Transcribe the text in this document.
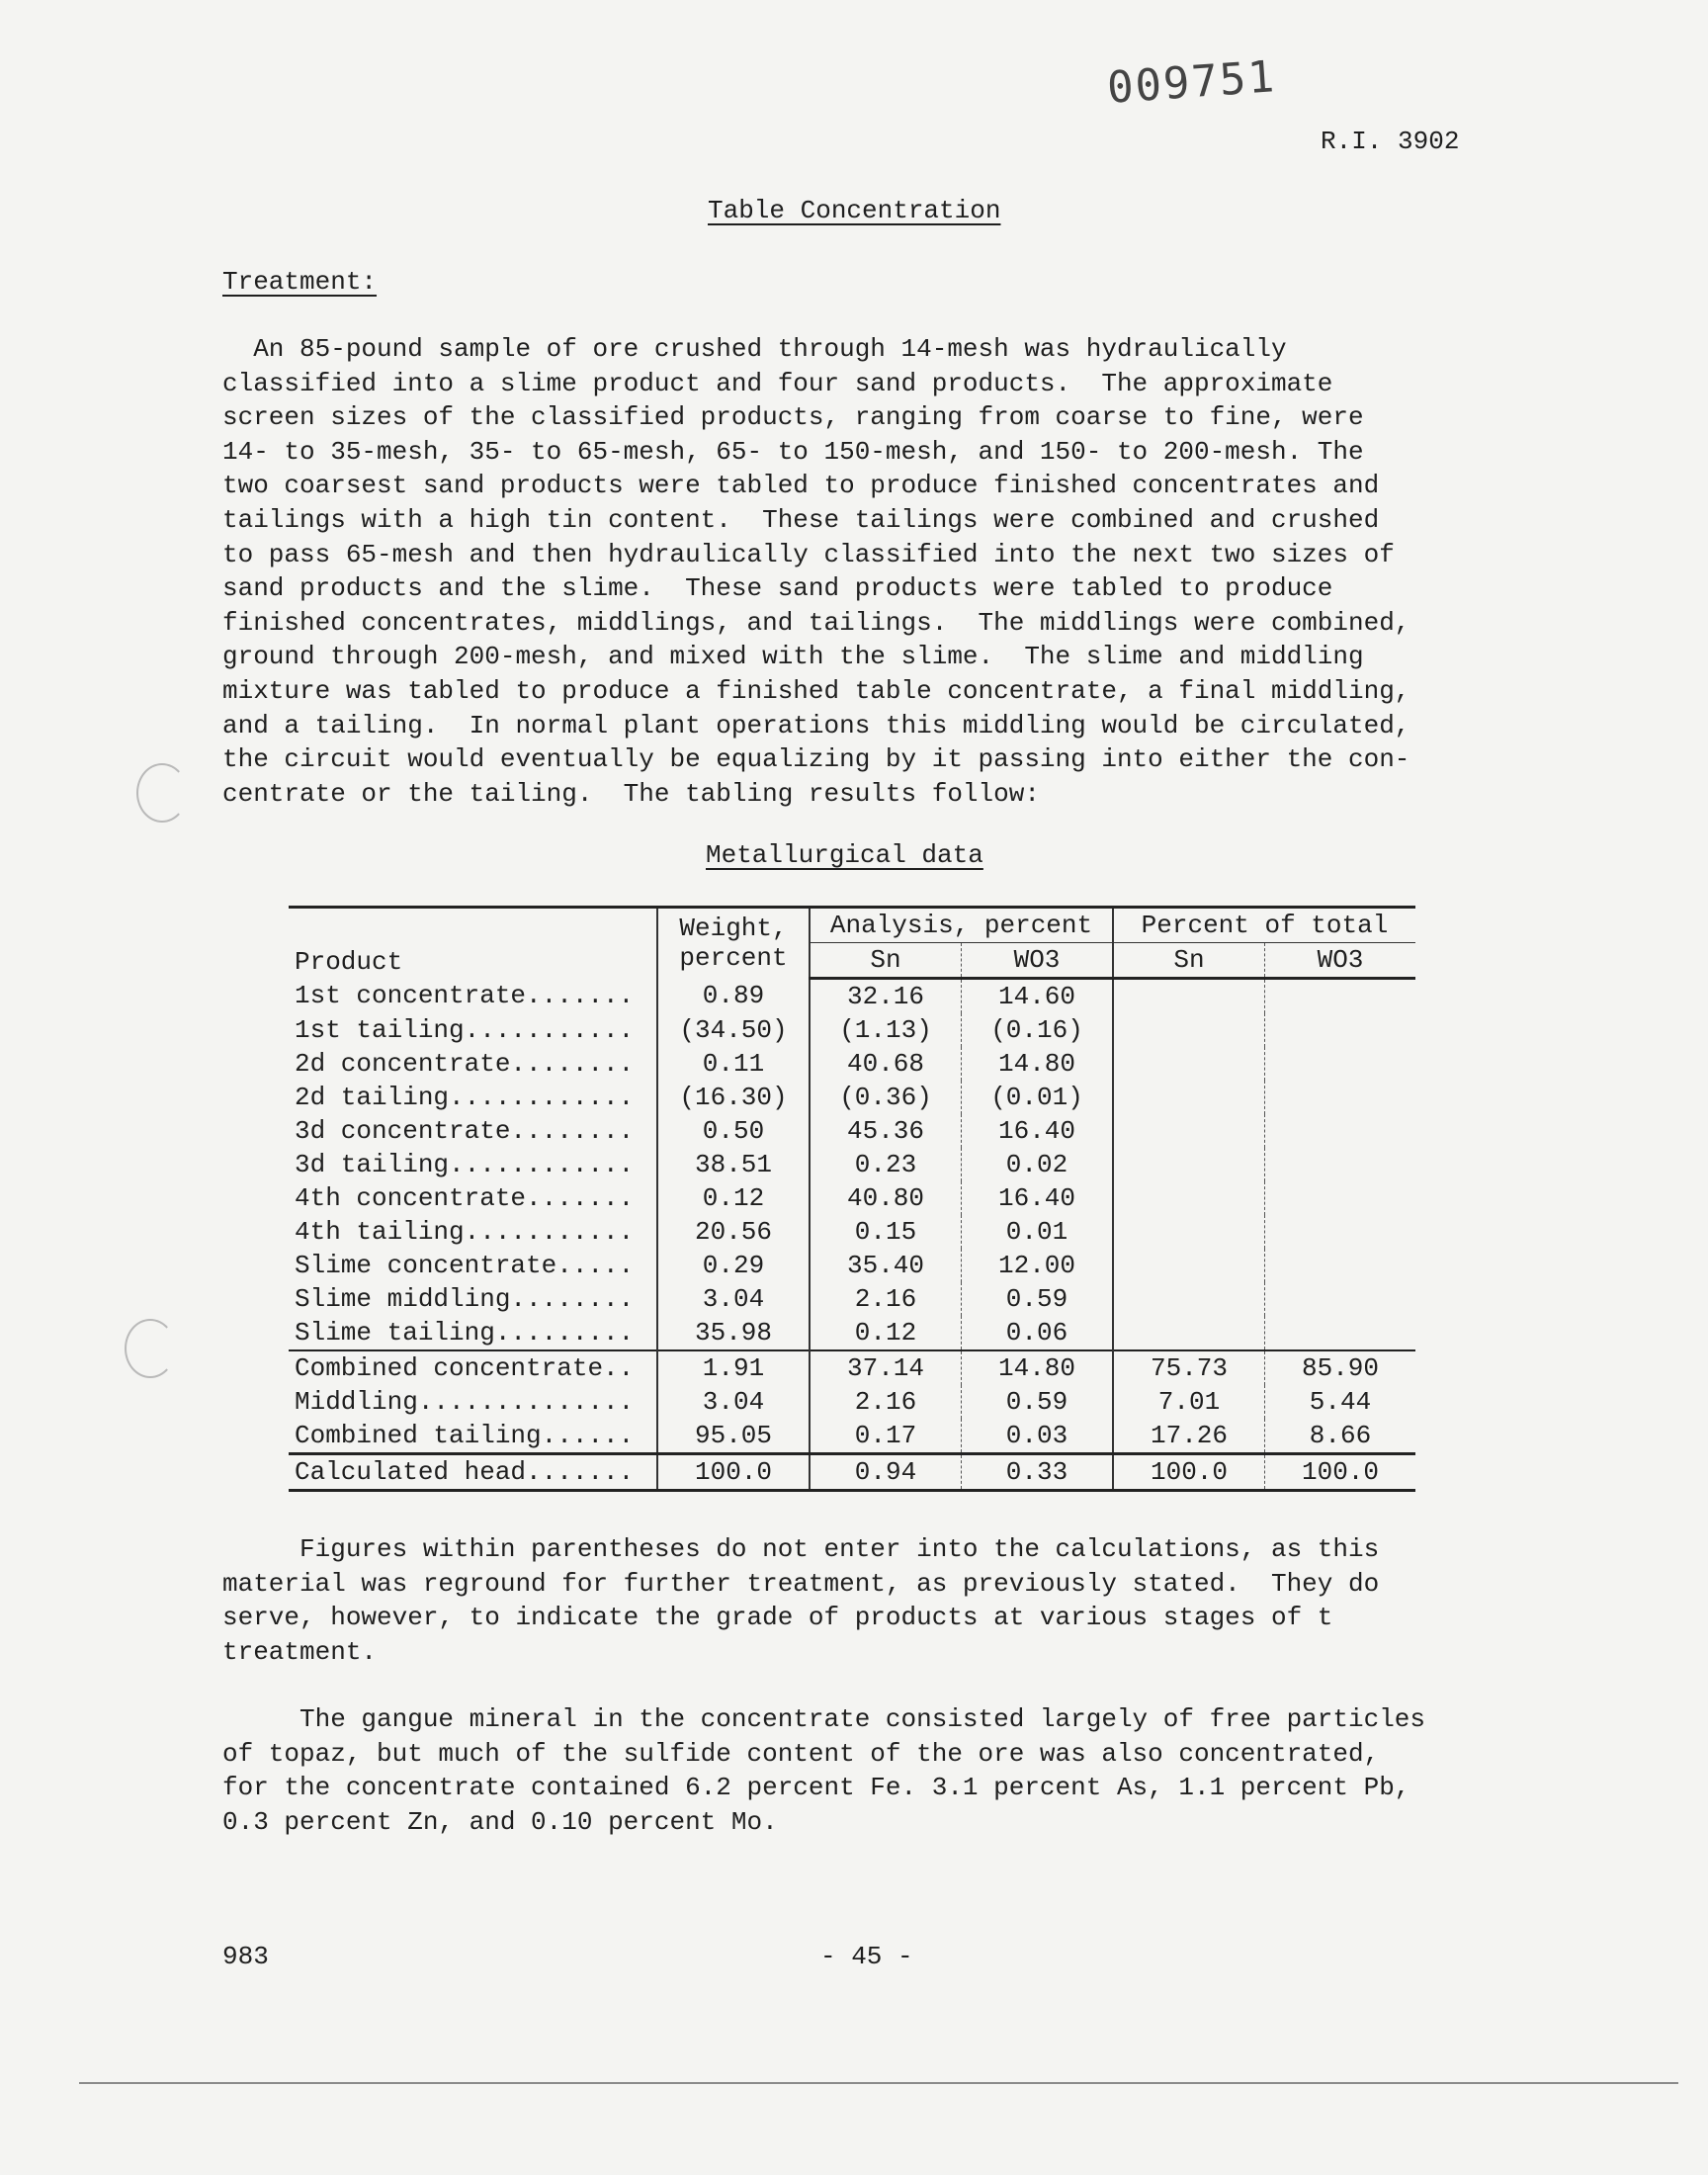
009751
R.I. 3902
Table Concentration
Treatment:

An 85-pound sample of ore crushed through 14-mesh was hydraulically
classified into a slime product and four sand products.  The approximate
screen sizes of the classified products, ranging from coarse to fine, were
14- to 35-mesh, 35- to 65-mesh, 65- to 150-mesh, and 150- to 200-mesh. The
two coarsest sand products were tabled to produce finished concentrates and
tailings with a high tin content.  These tailings were combined and crushed
to pass 65-mesh and then hydraulically classified into the next two sizes of
sand products and the slime.  These sand products were tabled to produce
finished concentrates, middlings, and tailings.  The middlings were combined,
ground through 200-mesh, and mixed with the slime.  The slime and middling
mixture was tabled to produce a finished table concentrate, a final middling,
and a tailing.  In normal plant operations this middling would be circulated,
the circuit would eventually be equalizing by it passing into either the con-
centrate or the tailing.  The tabling results follow:

Metallurgical data
Product	Weight,
percent	Analysis, percent		Percent of total	
		Sn	WO3	Sn	WO3
1st concentrate.......	0.89	32.16	14.60		
1st tailing...........	(34.50)	(1.13)	(0.16)		
2d concentrate........	0.11	40.68	14.80		
2d tailing............	(16.30)	(0.36)	(0.01)		
3d concentrate........	0.50	45.36	16.40		
3d tailing............	38.51	0.23	0.02		
4th concentrate.......	0.12	40.80	16.40		
4th tailing...........	20.56	0.15	0.01		
Slime concentrate.....	0.29	35.40	12.00		
Slime middling........	3.04	2.16	0.59		
Slime tailing.........	35.98	0.12	0.06		
Combined concentrate..	1.91	37.14	14.80	75.73	85.90
Middling..............	3.04	2.16	0.59	7.01	5.44
Combined tailing......	95.05	0.17	0.03	17.26	8.66
Calculated head.......	100.0	0.94	0.33	100.0	100.0

Figures within parentheses do not enter into the calculations, as this
material was reground for further treatment, as previously stated.  They do
serve, however, to indicate the grade of products at various stages of t
treatment.

The gangue mineral in the concentrate consisted largely of free particles
of topaz, but much of the sulfide content of the ore was also concentrated,
for the concentrate contained 6.2 percent Fe. 3.1 percent As, 1.1 percent Pb,
0.3 percent Zn, and 0.10 percent Mo.

983	- 45 -
